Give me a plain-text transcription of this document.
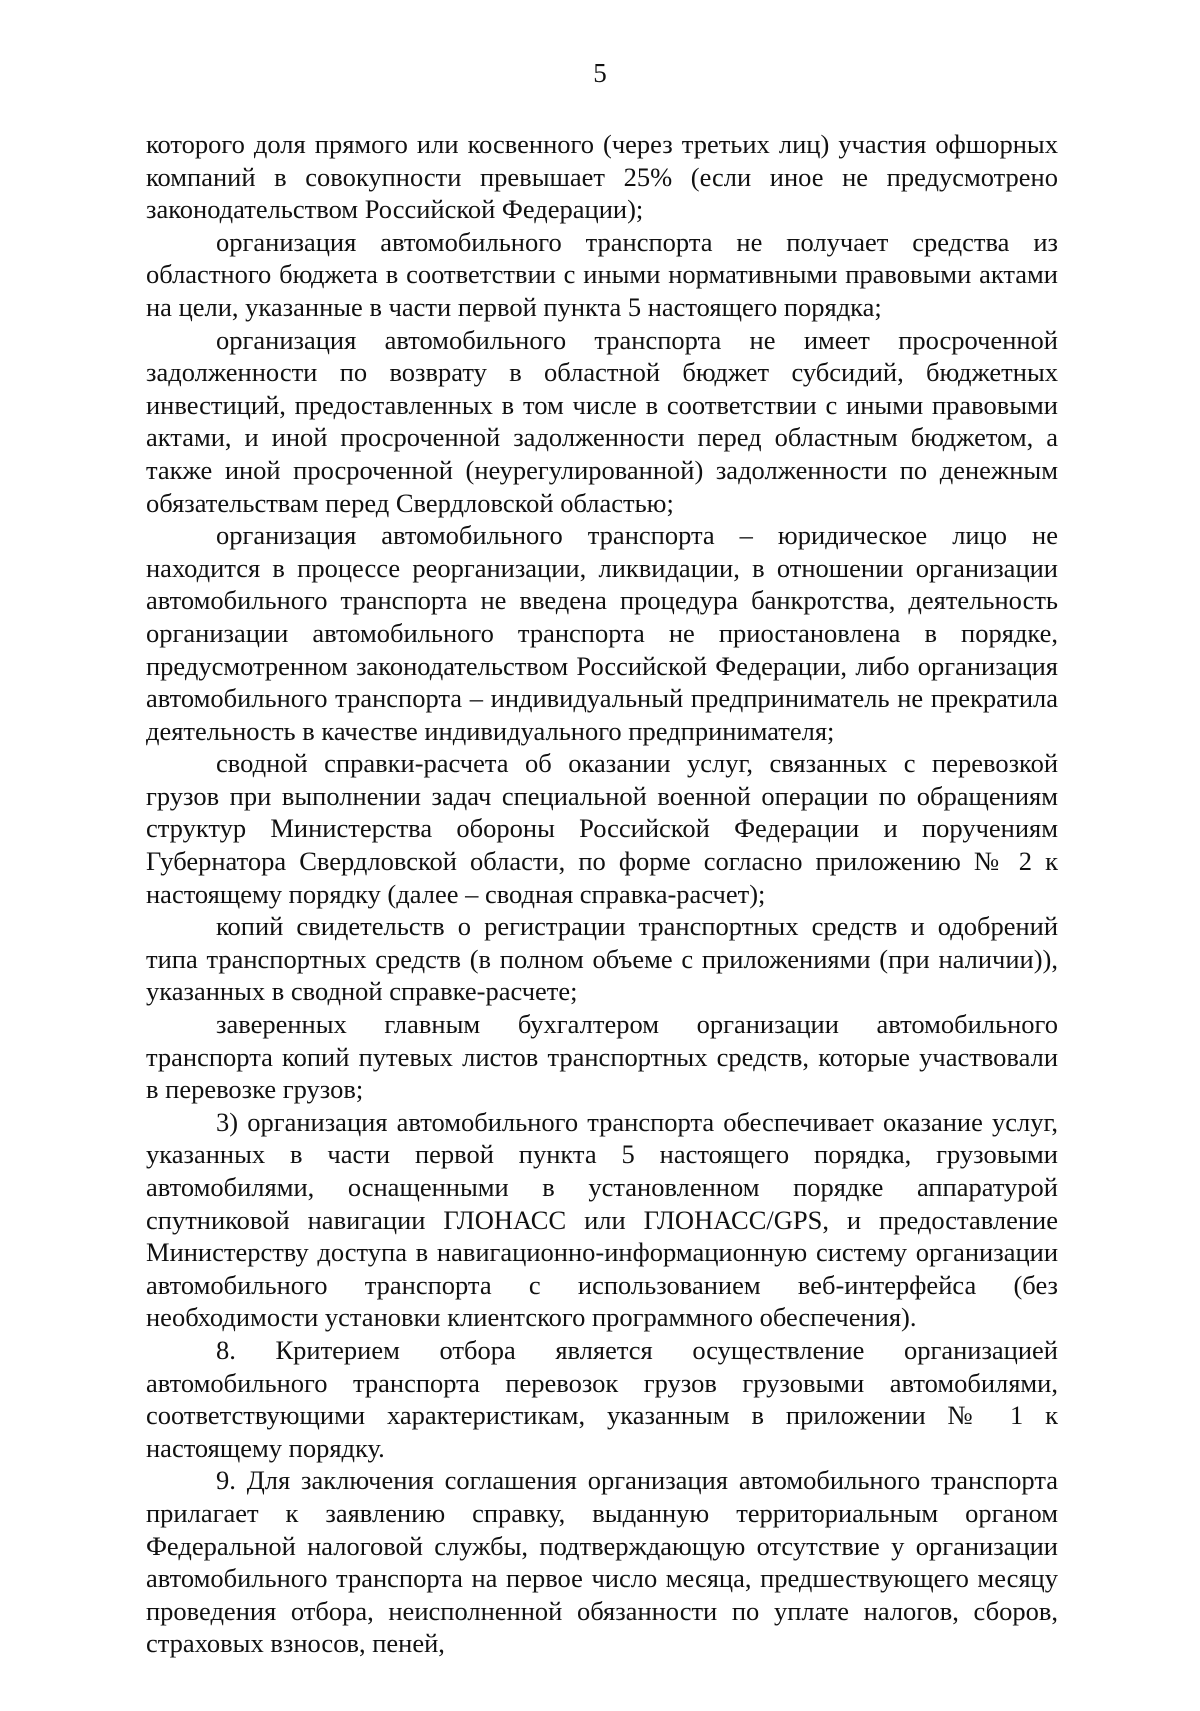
5

которого доля прямого или косвенного (через третьих лиц) участия офшорных компаний в совокупности превышает 25% (если иное не предусмотрено законодательством Российской Федерации);

организация автомобильного транспорта не получает средства из областного бюджета в соответствии с иными нормативными правовыми актами на цели, указанные в части первой пункта 5 настоящего порядка;

организация автомобильного транспорта не имеет просроченной задолженности по возврату в областной бюджет субсидий, бюджетных инвестиций, предоставленных в том числе в соответствии с иными правовыми актами, и иной просроченной задолженности перед областным бюджетом, а также иной просроченной (неурегулированной) задолженности по денежным обязательствам перед Свердловской областью;

организация автомобильного транспорта – юридическое лицо не находится в процессе реорганизации, ликвидации, в отношении организации автомобильного транспорта не введена процедура банкротства, деятельность организации автомобильного транспорта не приостановлена в порядке, предусмотренном законодательством Российской Федерации, либо организация автомобильного транспорта – индивидуальный предприниматель не прекратила деятельность в качестве индивидуального предпринимателя;

сводной справки-расчета об оказании услуг, связанных с перевозкой грузов при выполнении задач специальной военной операции по обращениям структур Министерства обороны Российской Федерации и поручениям Губернатора Свердловской области, по форме согласно приложению № 2 к настоящему порядку (далее – сводная справка-расчет);

копий свидетельств о регистрации транспортных средств и одобрений типа транспортных средств (в полном объеме с приложениями (при наличии)), указанных в сводной справке-расчете;

заверенных главным бухгалтером организации автомобильного транспорта копий путевых листов транспортных средств, которые участвовали в перевозке грузов;

3) организация автомобильного транспорта обеспечивает оказание услуг, указанных в части первой пункта 5 настоящего порядка, грузовыми автомобилями, оснащенными в установленном порядке аппаратурой спутниковой навигации ГЛОНАСС или ГЛОНАСС/GPS, и предоставление Министерству доступа в навигационно-информационную систему организации автомобильного транспорта с использованием веб-интерфейса (без необходимости установки клиентского программного обеспечения).

8. Критерием отбора является осуществление организацией автомобильного транспорта перевозок грузов грузовыми автомобилями, соответствующими характеристикам, указанным в приложении № 1 к настоящему порядку.

9. Для заключения соглашения организация автомобильного транспорта прилагает к заявлению справку, выданную территориальным органом Федеральной налоговой службы, подтверждающую отсутствие у организации автомобильного транспорта на первое число месяца, предшествующего месяцу проведения отбора, неисполненной обязанности по уплате налогов, сборов, страховых взносов, пеней,
